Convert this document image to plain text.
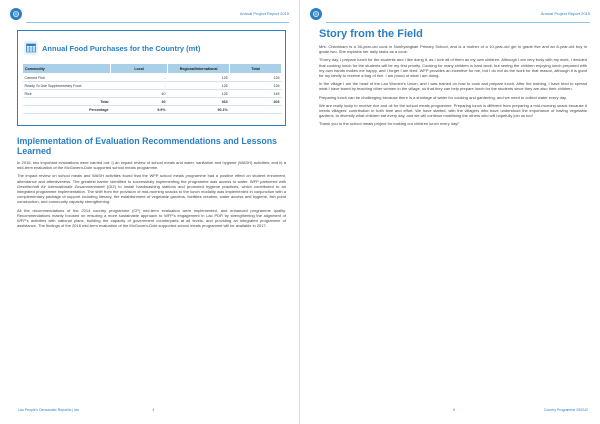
Annual Project Report 2015
Annual Food Purchases for the Country (mt)
Commodity	Local	Regional/International	Total
Canned Fish	-	126	126
Ready To Use Supplementary Food	-	126	126
Rice	40	126	145
Total	40	363	403
Percentage	9.9%	90.1%	
Implementation of Evaluation Recommendations and Lessons Learned

In 2016, two important evaluations were carried out: i) an impact review of school meals and water, sanitation and hygiene (WASH) activities; and ii) a mid-term evaluation of the McGovern-Dole supported school meals programme.

The impact review on school meals and WASH activities found that the WFP school meals programme had a positive effect on student enrolment, attendance and attentiveness. The greatest barrier identified to successfully implementing the programme was access to water. WFP partnered with Gesellschaft für Internationale Zusammenarbeit (GIZ) to install handwashing stations and promoted hygiene practices, which contributed to an integrated programme implementation. The shift from the provision of mid-morning snacks to the lunch modality was implemented in conjunction with a complementary package of support including literacy, the establishment of vegetable gardens, facilities creation, water access and hygiene, fish pond construction, and community capacity strengthening.

All the recommendations of the 2014 country programme (CP) mid-term evaluation were implemented, and enhanced programme quality. Recommendations mainly focused on ensuring a more sustainable approach to WFP's engagement in Lao PDR by strengthening the alignment of WFP's activities with national plans, building the capacity of government counterparts at all levels, and providing an integrated programme of assistance. The findings of the 2016 mid-term evaluation of the McGovern-Dole supported school meals programme will be available in 2017.

Lao People's Democratic Republic | lao	4
Annual Project Report 2015
Story from the Field

Mrs. Chanhkam is a 36-year-old cook in Nonhyangkae Primary School, and is a mother of a 10-year-old girl in grade five and an 8-year-old boy in grade two. She explains her daily tasks as a cook:

"Every day, I prepare lunch for the students and I like doing it, as I love all of them as my own children. Although I am very busy with my work, I decided that cooking lunch for the students will be my first priority. Cooking for many children is hard work, but seeing the children enjoying lunch prepared with my own hands makes me happy, and I forget I am tired. WFP provides an incentive for me, but I do not do the work for that reason, although it is good for my family to receive a bag of rice. I am proud of what I am doing.

In the village I am the head of the Lao Women's Union, and I was trained on how to cook and prepare lunch. After the training, I have tried to spread what I have learnt by teaching other women in the village, so that they can help prepare lunch for the students since they are also their children.

Preparing lunch can be challenging because there is a shortage of water for cooking and gardening, and we need to collect water every day.

We are really lucky to receive rice and oil for the school meals programme. Preparing lunch is different from preparing a mid-morning snack because it needs villagers' contribution in both time and effort. We have started, with the villagers who have understood the importance of having vegetable gardens, to diversify what children eat every day, and we will continue mobilising the others who will hopefully join us too!

Thank you to the school meals project for making our children lunch every day!"

5	Country Programme 200242
